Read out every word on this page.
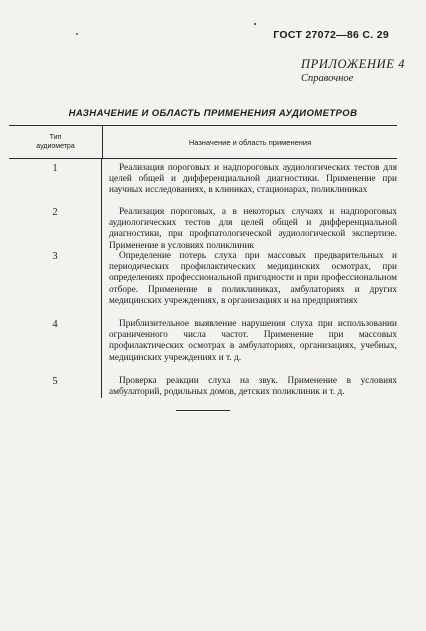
ГОСТ 27072—86 С. 29
ПРИЛОЖЕНИЕ 4
Справочное
НАЗНАЧЕНИЕ И ОБЛАСТЬ ПРИМЕНЕНИЯ АУДИОМЕТРОВ
Тип
аудиометра	Назначение и область применения
1	Реализация пороговых и надпороговых аудиологических тестов для целей общей и дифференциальной диагностики. Применение при научных исследованиях, в клиниках, стационарах, поликлиниках

2	Реализация пороговых, а в некоторых случаях и надпороговых аудиологических тестов для целей общей и дифференциальной диагностики, при профпатологической аудиологической экспертизе. Применение в условиях поликлиник

3	Определение потерь слуха при массовых предварительных и периодических профилактических медицинских осмотрах, при определениях профессиональной пригодности и при профессиональном отборе. Применение в поликлиниках, амбулаториях и других медицинских учреждениях, в организациях и на предприятиях

4	Приблизительное выявление нарушения слуха при использовании ограниченного числа частот. Применение при массовых профилактических осмотрах в амбулаториях, организациях, учебных, медицинских учреждениях и т. д.

5	Проверка реакции слуха на звук. Применение в условиях амбулаторий, родильных домов, детских поликлиник и т. д.
